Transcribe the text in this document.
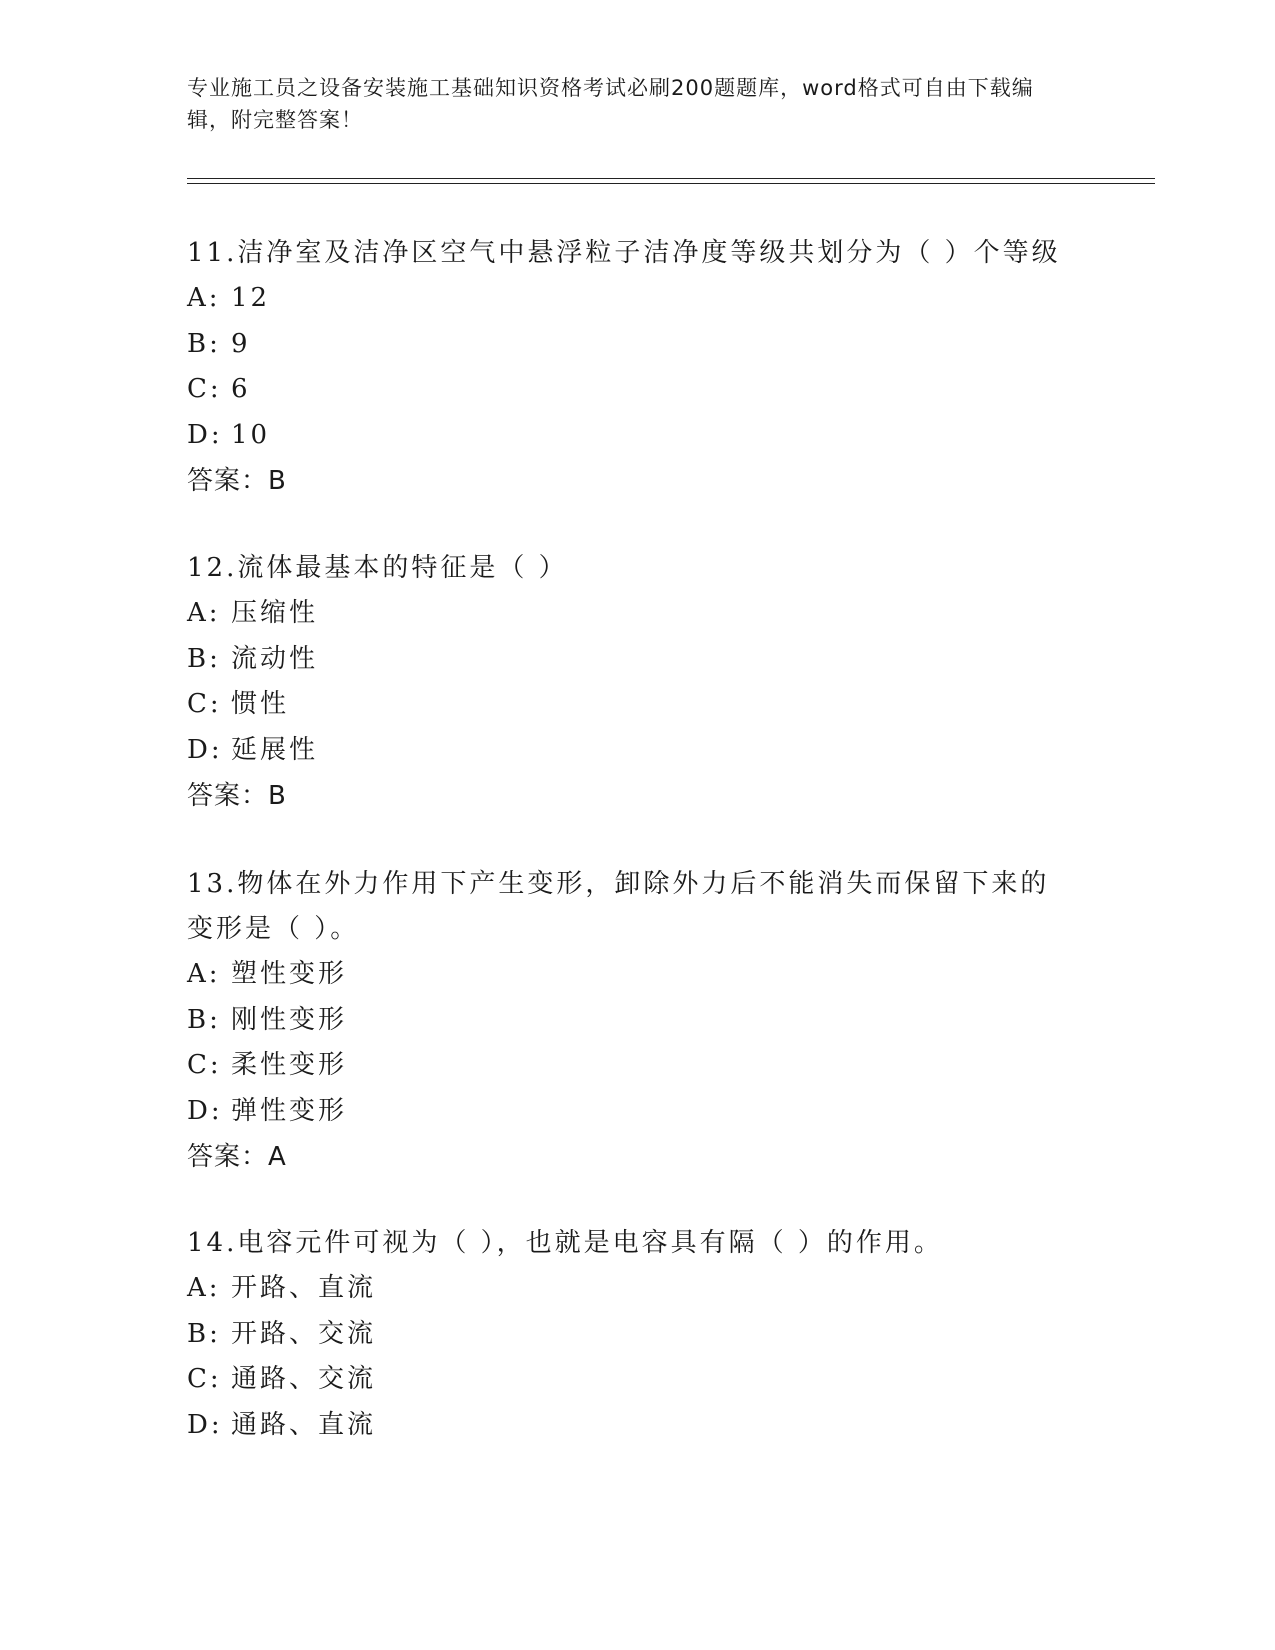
专业施工员之设备安装施工基础知识资格考试必刷200题题库，word格式可自由下载编辑，附完整答案！

11.洁净室及洁净区空气中悬浮粒子洁净度等级共划分为（ ）个等级

A: 12

B: 9

C: 6

D: 10

答案：B

12.流体最基本的特征是（ ）

A: 压缩性

B: 流动性

C: 惯性

D: 延展性

答案：B

13.物体在外力作用下产生变形，卸除外力后不能消失而保留下来的变形是（ ）。

A: 塑性变形

B: 刚性变形

C: 柔性变形

D: 弹性变形

答案：A

14.电容元件可视为（ ），也就是电容具有隔（ ）的作用。

A: 开路、直流

B: 开路、交流

C: 通路、交流

D: 通路、直流
